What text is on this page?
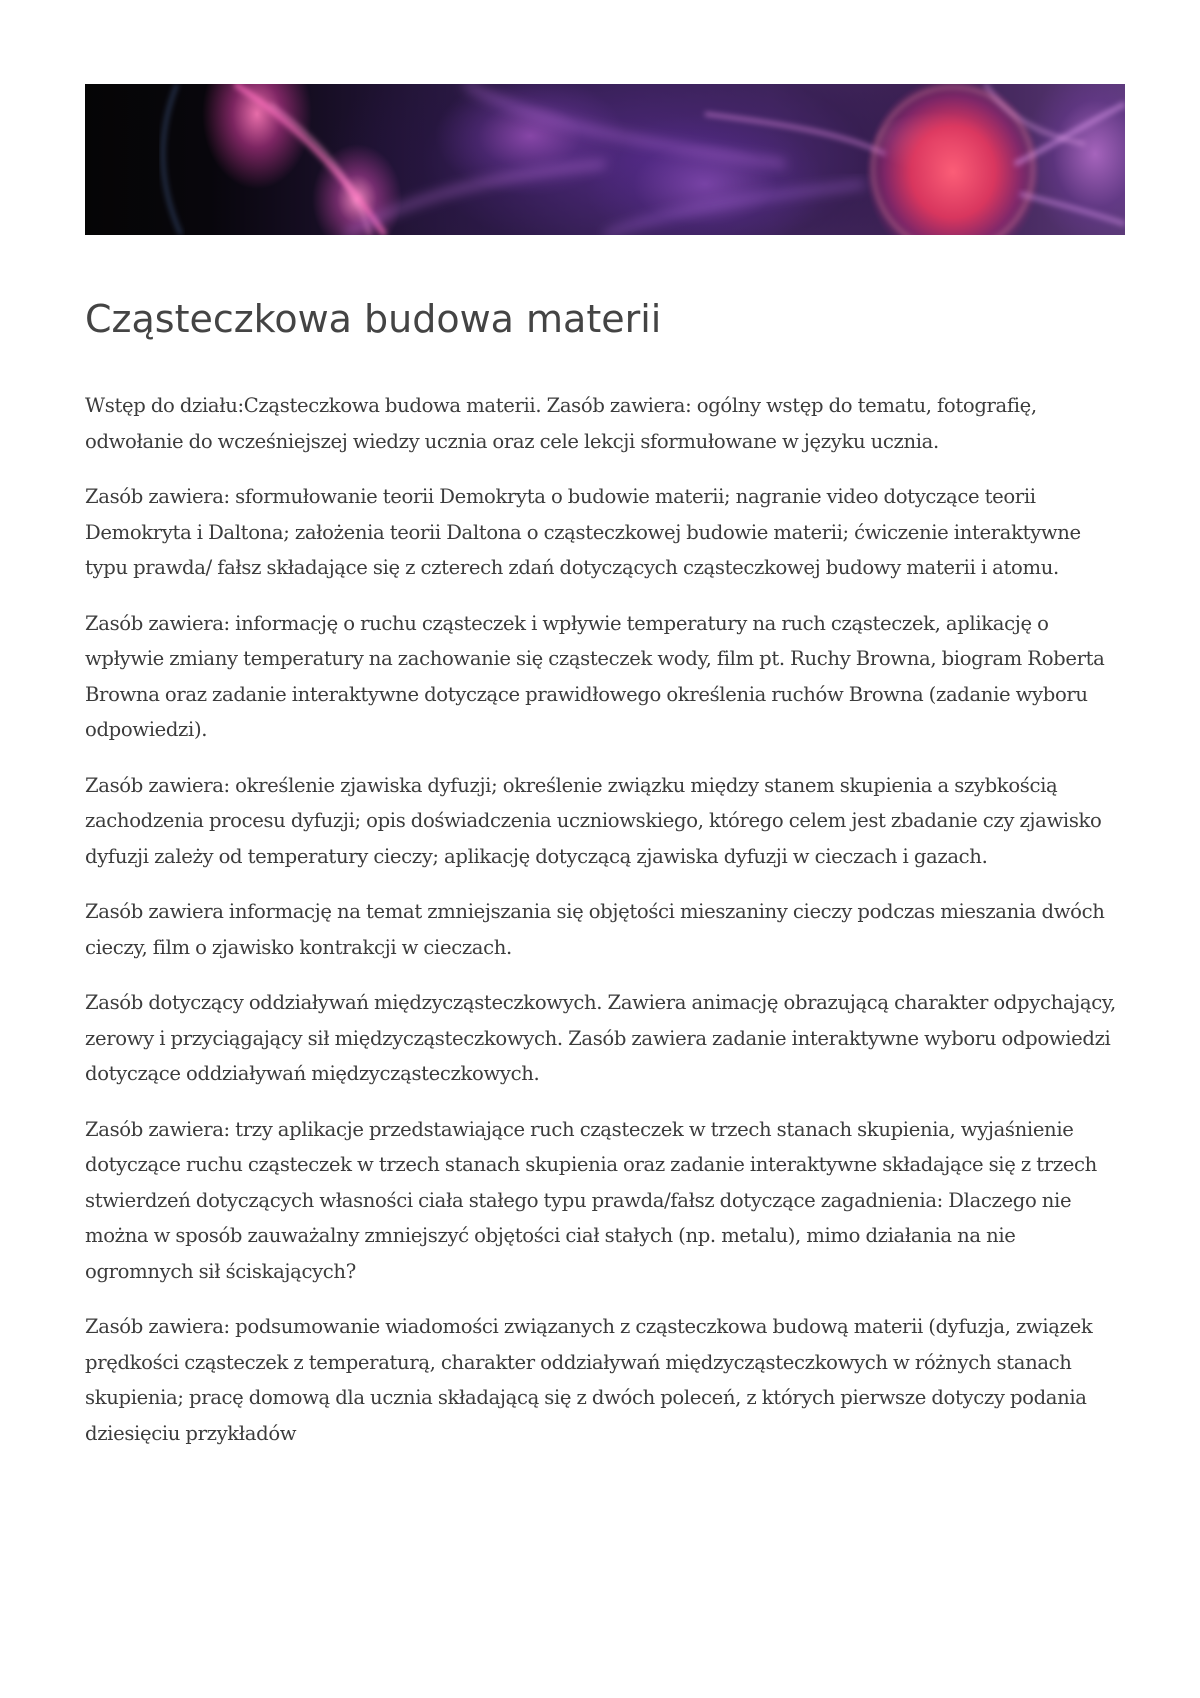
Cząsteczkowa budowa materii

Wstęp do działu:Cząsteczkowa budowa materii. Zasób zawiera: ogólny wstęp do tematu, fotografię, odwołanie do wcześniejszej wiedzy ucznia oraz cele lekcji sformułowane w języku ucznia.

Zasób zawiera: sformułowanie teorii Demokryta o budowie materii; nagranie video dotyczące teorii Demokryta i Daltona; założenia teorii Daltona o cząsteczkowej budowie materii; ćwiczenie interaktywne typu prawda/ fałsz składające się z czterech zdań dotyczących cząsteczkowej budowy materii i atomu.

Zasób zawiera: informację o ruchu cząsteczek i wpływie temperatury na ruch cząsteczek, aplikację o wpływie zmiany temperatury na zachowanie się cząsteczek wody, film pt. Ruchy Browna, biogram Roberta Browna oraz zadanie interaktywne dotyczące prawidłowego określenia ruchów Browna (zadanie wyboru odpowiedzi).

Zasób zawiera: określenie zjawiska dyfuzji; określenie związku między stanem skupienia a szybkością zachodzenia procesu dyfuzji; opis doświadczenia uczniowskiego, którego celem jest zbadanie czy zjawisko dyfuzji zależy od temperatury cieczy; aplikację dotyczącą zjawiska dyfuzji w cieczach i gazach.

Zasób zawiera informację na temat zmniejszania się objętości mieszaniny cieczy podczas mieszania dwóch cieczy, film o zjawisko kontrakcji w cieczach.

Zasób dotyczący oddziaływań międzycząsteczkowych. Zawiera animację obrazującą charakter odpychający, zerowy i przyciągający sił międzycząsteczkowych. Zasób zawiera zadanie interaktywne wyboru odpowiedzi dotyczące oddziaływań międzycząsteczkowych.

Zasób zawiera: trzy aplikacje przedstawiające ruch cząsteczek w trzech stanach skupienia, wyjaśnienie dotyczące ruchu cząsteczek w trzech stanach skupienia oraz zadanie interaktywne składające się z trzech stwierdzeń dotyczących własności ciała stałego typu prawda/fałsz dotyczące zagadnienia: Dlaczego nie można w sposób zauważalny zmniejszyć objętości ciał stałych (np. metalu), mimo działania na nie ogromnych sił ściskających?

Zasób zawiera: podsumowanie wiadomości związanych z cząsteczkowa budową materii (dyfuzja, związek prędkości cząsteczek z temperaturą, charakter oddziaływań międzycząsteczkowych w różnych stanach skupienia; pracę domową dla ucznia składającą się z dwóch poleceń, z których pierwsze dotyczy podania dziesięciu przykładów
